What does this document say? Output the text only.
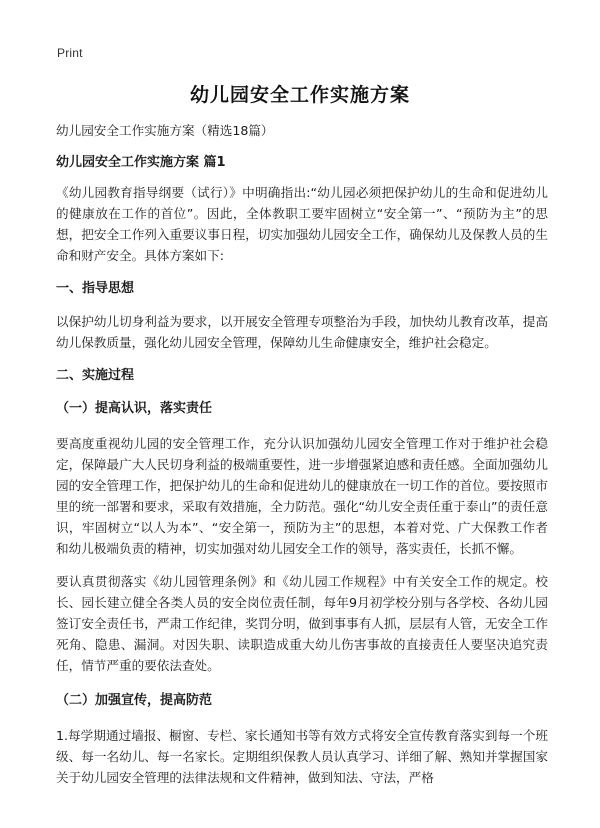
Print
幼儿园安全工作实施方案

幼儿园安全工作实施方案（精选18篇）

幼儿园安全工作实施方案 篇1

《幼儿园教育指导纲要（试行）》中明确指出:“幼儿园必须把保护幼儿的生命和促进幼儿的健康放在工作的首位”。因此，全体教职工要牢固树立“安全第一”、“预防为主”的思想，把安全工作列入重要议事日程，切实加强幼儿园安全工作，确保幼儿及保教人员的生命和财产安全。具体方案如下:

一、指导思想

以保护幼儿切身利益为要求，以开展安全管理专项整治为手段，加快幼儿教育改革，提高幼儿保教质量，强化幼儿园安全管理，保障幼儿生命健康安全，维护社会稳定。

二、实施过程

（一）提高认识，落实责任

要高度重视幼儿园的安全管理工作，充分认识加强幼儿园安全管理工作对于维护社会稳定，保障最广大人民切身利益的极端重要性，进一步增强紧迫感和责任感。全面加强幼儿园的安全管理工作，把保护幼儿的生命和促进幼儿的健康放在一切工作的首位。要按照市里的统一部署和要求，采取有效措施，全力防范。强化“幼儿安全责任重于泰山”的责任意识，牢固树立“以人为本”、“安全第一，预防为主”的思想，本着对党、广大保教工作者和幼儿极端负责的精神，切实加强对幼儿园安全工作的领导，落实责任，长抓不懈。

要认真贯彻落实《幼儿园管理条例》和《幼儿园工作规程》中有关安全工作的规定。校长、园长建立健全各类人员的安全岗位责任制，每年9月初学校分别与各学校、各幼儿园签订安全责任书，严肃工作纪律，奖罚分明，做到事事有人抓，层层有人管，无安全工作死角、隐患、漏洞。对因失职、读职造成重大幼儿伤害事故的直接责任人要坚决追究责任，情节严重的要依法查处。

（二）加强宣传，提高防范

1.每学期通过墙报、橱窗、专栏、家长通知书等有效方式将安全宣传教育落实到每一个班级、每一名幼儿、每一名家长。定期组织保教人员认真学习、详细了解、熟知并掌握国家关于幼儿园安全管理的法律法规和文件精神，做到知法、守法，严格
